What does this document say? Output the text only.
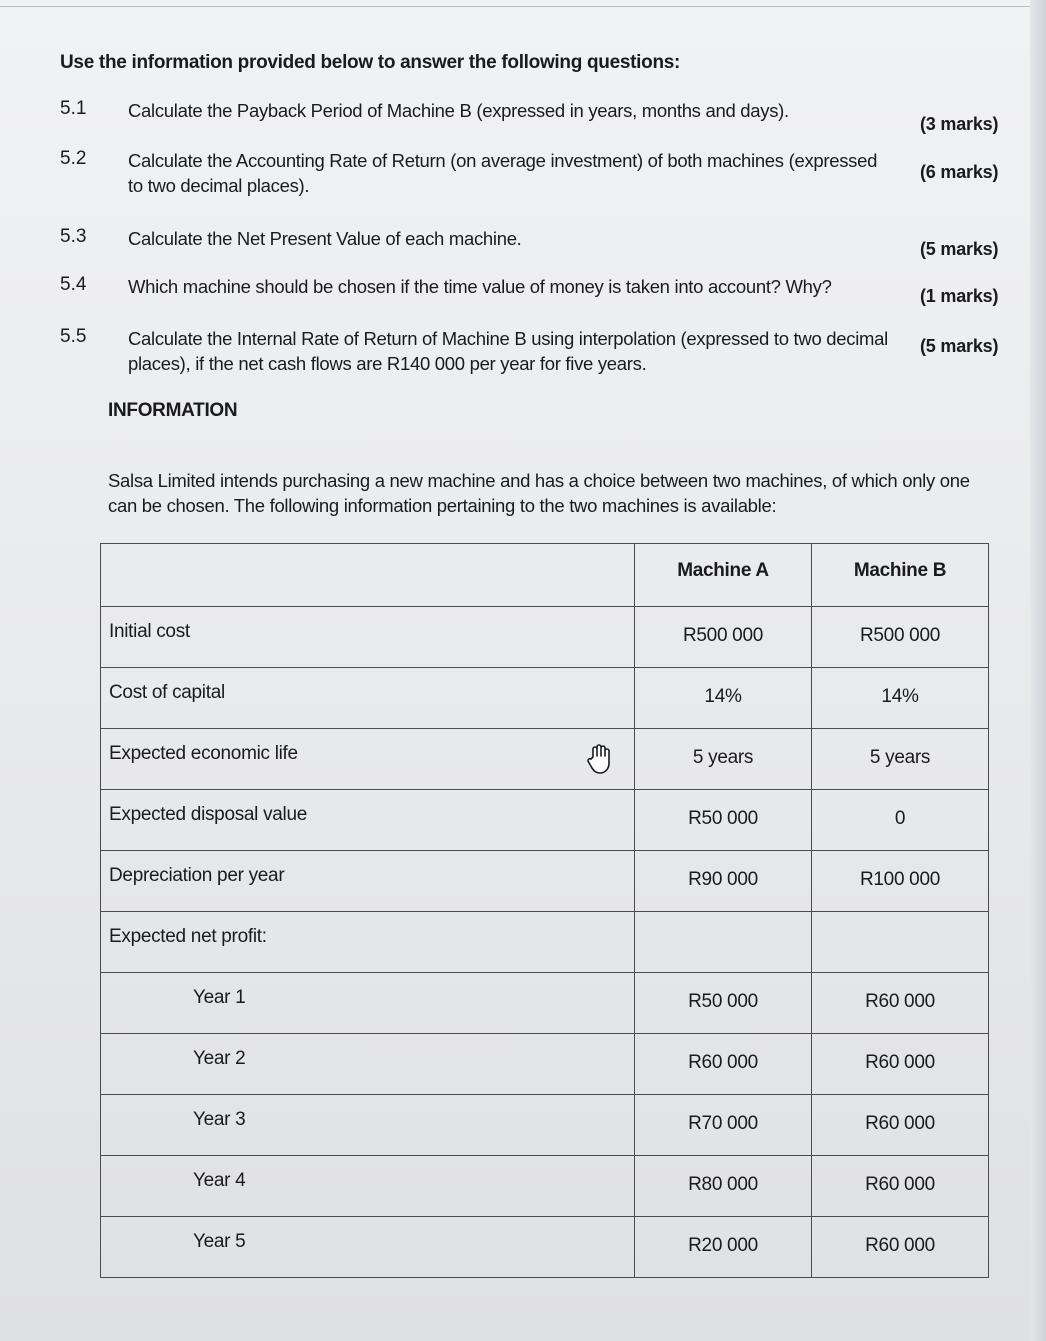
Use the information provided below to answer the following questions:
5.1 Calculate the Payback Period of Machine B (expressed in years, months and days).
(3 marks)
5.2 Calculate the Accounting Rate of Return (on average investment) of both machines (expressed to two decimal places).
(6 marks)
5.3 Calculate the Net Present Value of each machine.	(5 marks)
5.4 Which machine should be chosen if the time value of money is taken into account? Why?	(1 marks)
5.5 Calculate the Internal Rate of Return of Machine B using interpolation (expressed to two decimal places), if the net cash flows are R140 000 per year for five years.
(5 marks)
INFORMATION
Salsa Limited intends purchasing a new machine and has a choice between two machines, of which only one can be chosen. The following information pertaining to the two machines is available:
	Machine A	Machine B
Initial cost	R500 000	R500 000
Cost of capital	14%	14%
Expected economic life	5 years	5 years
Expected disposal value	R50 000	0
Depreciation per year	R90 000	R100 000
Expected net profit:		
Year 1	R50 000	R60 000
Year 2	R60 000	R60 000
Year 3	R70 000	R60 000
Year 4	R80 000	R60 000
Year 5	R20 000	R60 000
